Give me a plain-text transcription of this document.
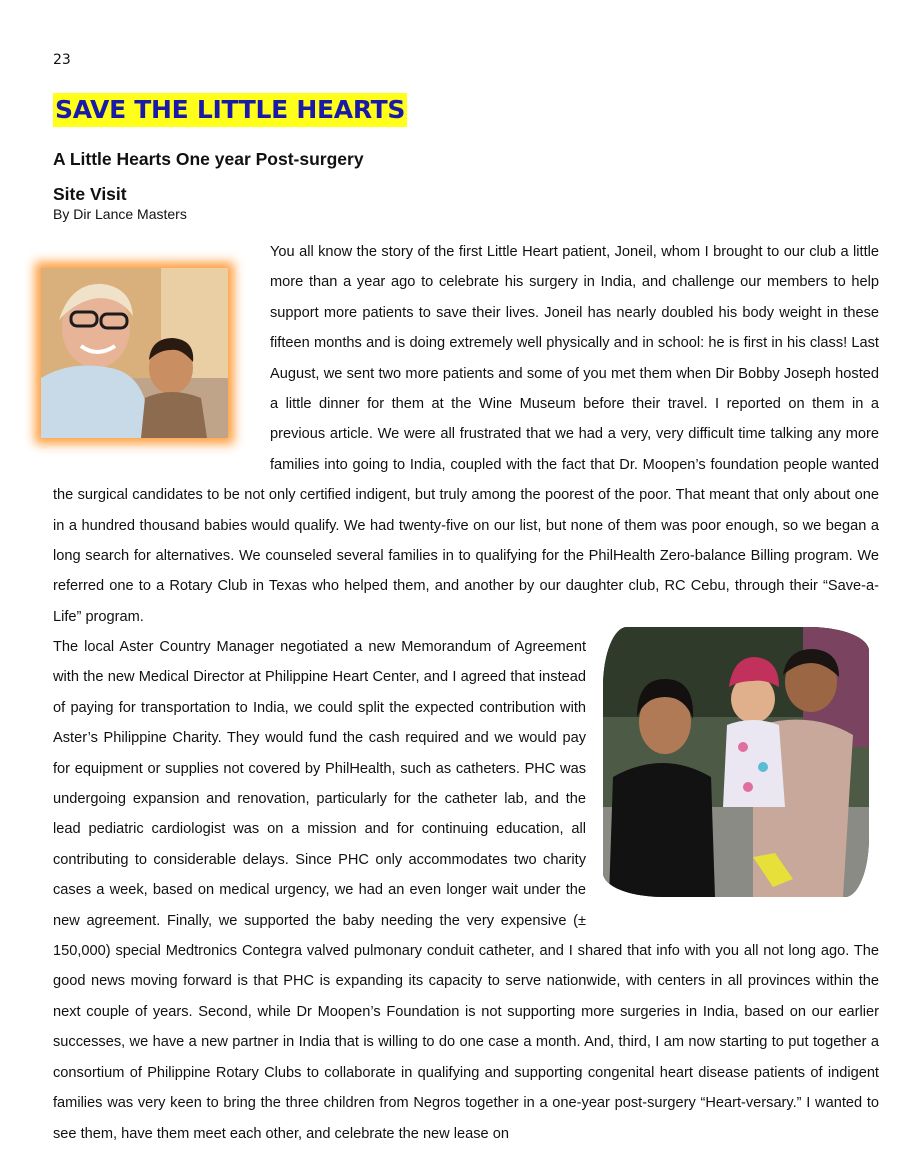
23
SAVE THE LITTLE HEARTS
A Little Hearts One year Post-surgery
Site Visit
By Dir Lance Masters

You all know the story of the first Little Heart patient, Joneil, whom I brought to our club a little more than a year ago to celebrate his surgery in India, and challenge our members to help support more patients to save their lives. Joneil has nearly doubled his body weight in these fifteen months and is doing extremely well physically and in school: he is first in his class! Last August, we sent two more patients and some of you met them when Dir Bobby Joseph hosted a little dinner for them at the Wine Museum before their travel. I reported on them in a previous article. We were all frustrated that we had a very, very difficult time talking any more families into going to India, coupled with the fact that Dr. Moopen’s foundation people wanted the surgical candidates to be not only certified indigent, but truly among the poorest of the poor. That meant that only about one in a hundred thousand babies would qualify. We had twenty-five on our list, but none of them was poor enough, so we began a long search for alternatives. We counseled several families in to qualifying for the PhilHealth Zero-balance Billing program. We referred one to a Rotary Club in Texas who helped them, and another by our daughter club, RC Cebu, through their “Save-a-Life” program.

The local Aster Country Manager negotiated a new Memorandum of Agreement with the new Medical Director at Philippine Heart Center, and I agreed that instead of paying for transportation to India, we could split the expected contribution with Aster’s Philippine Charity. They would fund the cash required and we would pay for equipment or supplies not covered by PhilHealth, such as catheters. PHC was undergoing expansion and renovation, particularly for the catheter lab, and the lead pediatric cardiologist was on a mission and for continuing education, all contributing to considerable delays. Since PHC only accommodates two charity cases a week, based on medical urgency, we had an even longer wait under the new agreement. Finally, we supported the baby needing the very expensive (± 150,000) special Medtronics Contegra valved pulmonary conduit catheter, and I shared that info with you all not long ago. The good news moving forward is that PHC is expanding its capacity to serve nationwide, with centers in all provinces within the next couple of years. Second, while Dr Moopen’s Foundation is not supporting more surgeries in India, based on our earlier successes, we have a new partner in India that is willing to do one case a month. And, third, I am now starting to put together a consortium of Philippine Rotary Clubs to collaborate in qualifying and supporting congenital heart disease patients of indigent families was very keen to bring the three children from Negros together in a one-year post-surgery “Heart-versary.” I wanted to see them, have them meet each other, and celebrate the new lease on
